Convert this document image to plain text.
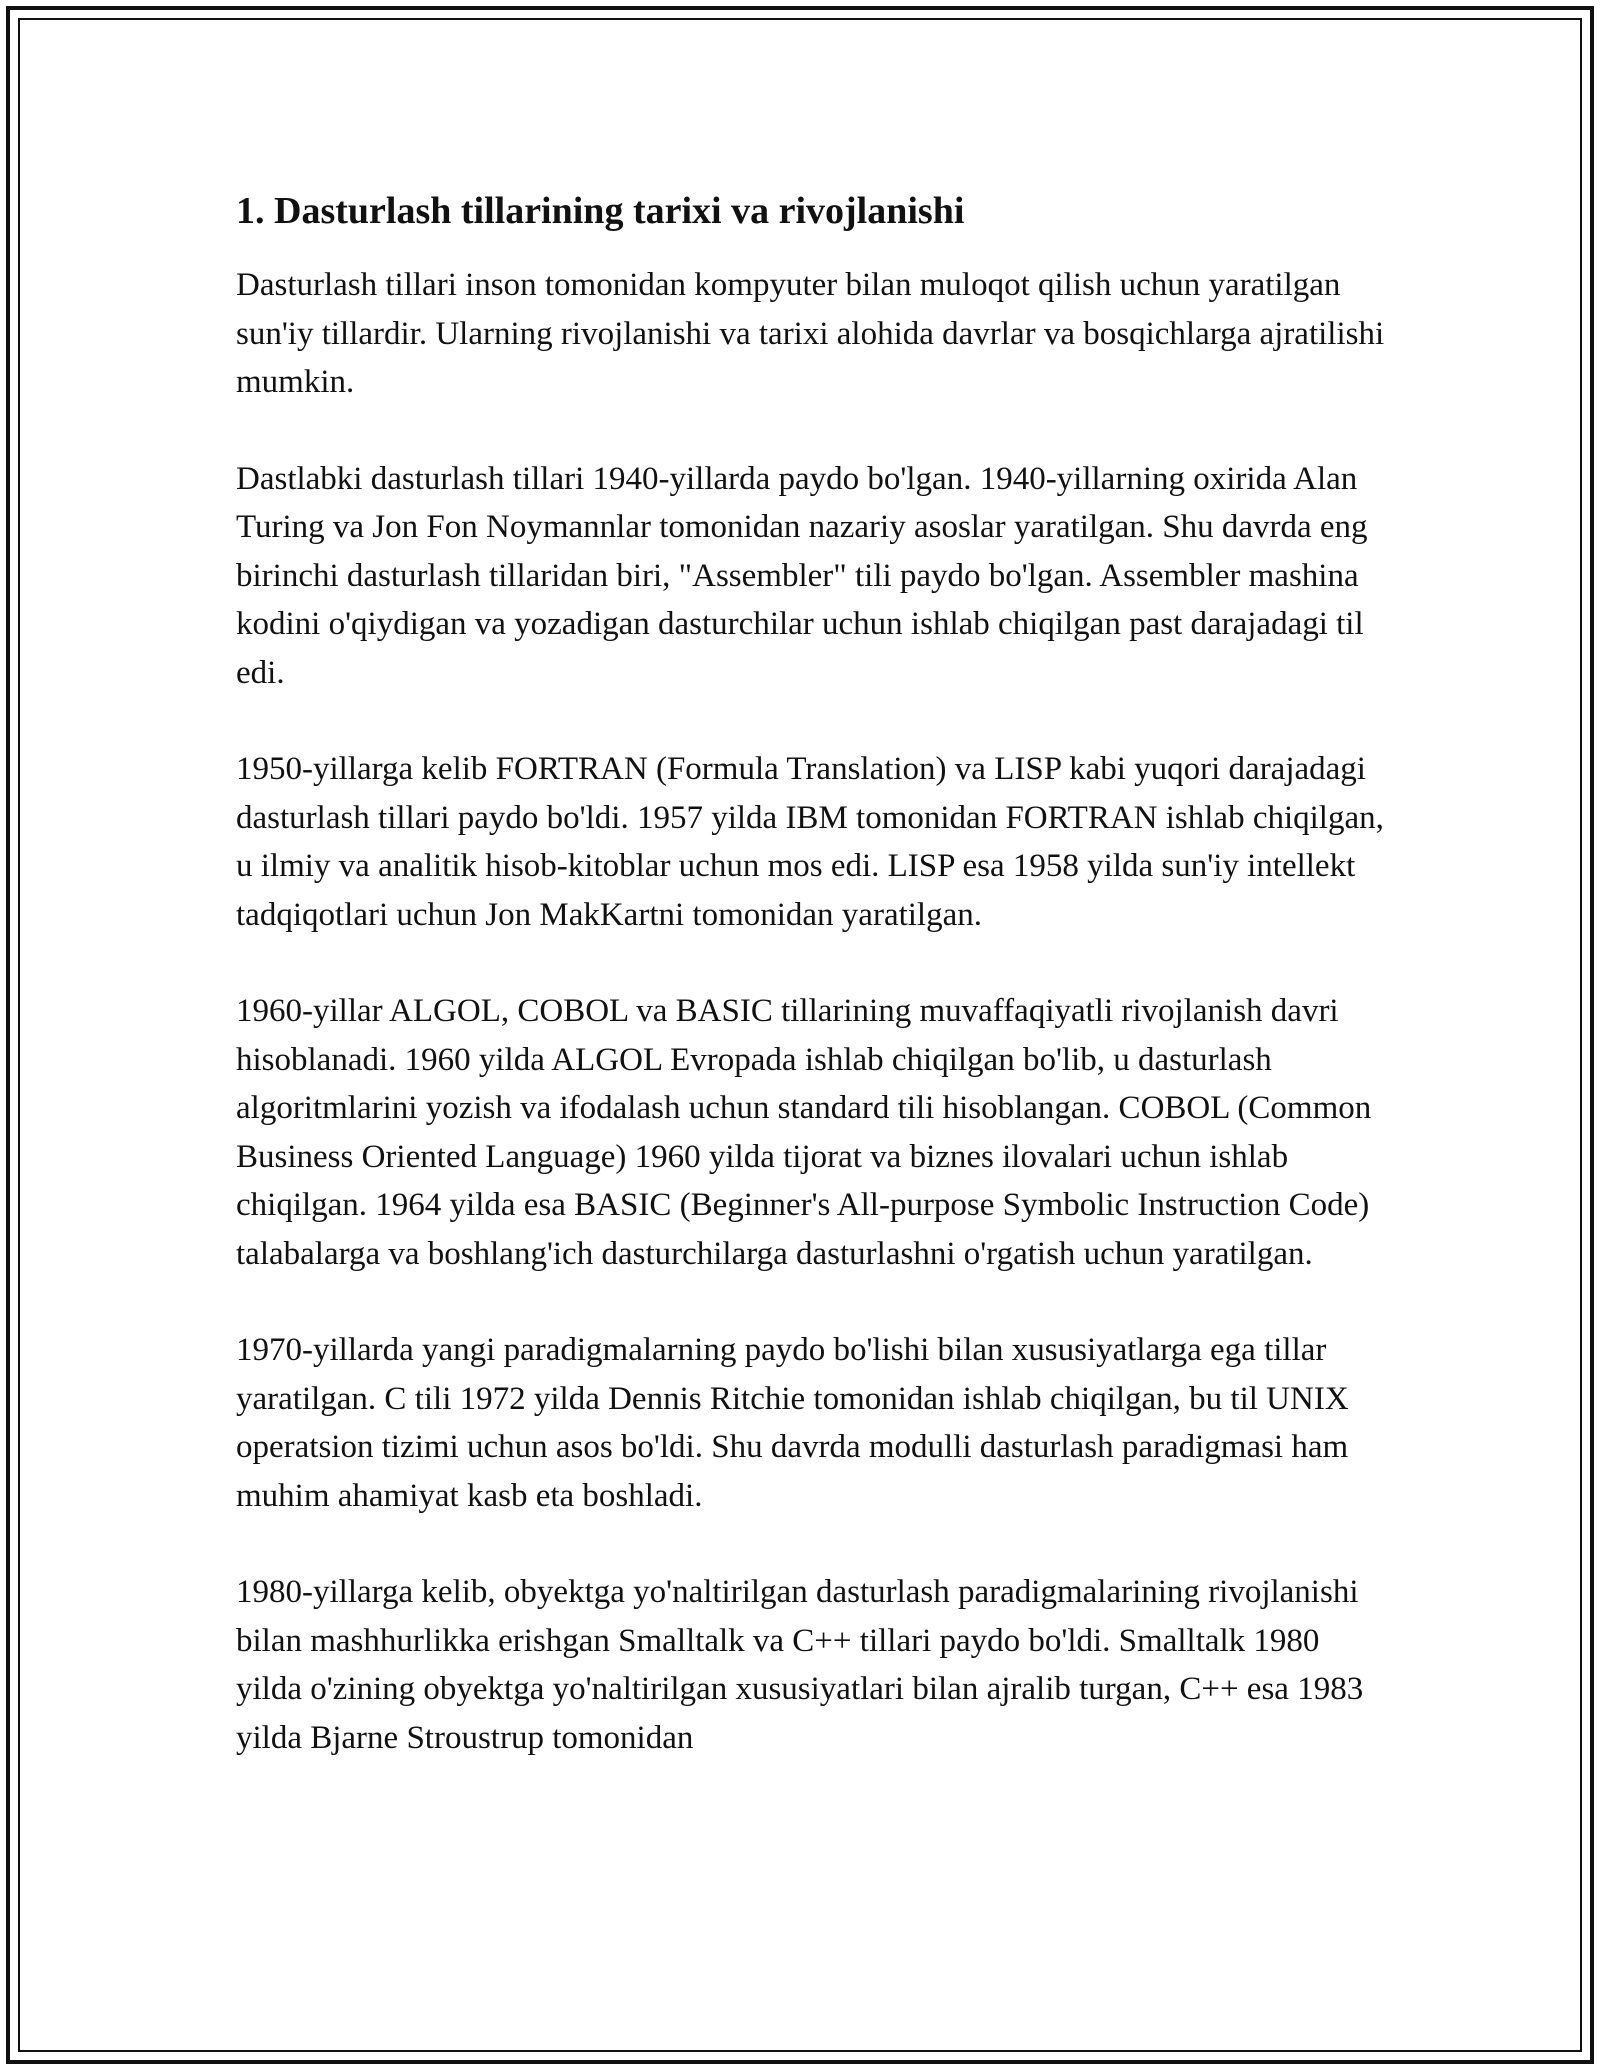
1. Dasturlash tillarining tarixi va rivojlanishi

Dasturlash tillari inson tomonidan kompyuter bilan muloqot qilish uchun yaratilgan sun'iy tillardir. Ularning rivojlanishi va tarixi alohida davrlar va bosqichlarga ajratilishi mumkin.

Dastlabki dasturlash tillari 1940-yillarda paydo bo'lgan. 1940-yillarning oxirida Alan Turing va Jon Fon Noymannlar tomonidan nazariy asoslar yaratilgan. Shu davrda eng birinchi dasturlash tillaridan biri, "Assembler" tili paydo bo'lgan. Assembler mashina kodini o'qiydigan va yozadigan dasturchilar uchun ishlab chiqilgan past darajadagi til edi.

1950-yillarga kelib FORTRAN (Formula Translation) va LISP kabi yuqori darajadagi dasturlash tillari paydo bo'ldi. 1957 yilda IBM tomonidan FORTRAN ishlab chiqilgan, u ilmiy va analitik hisob-kitoblar uchun mos edi. LISP esa 1958 yilda sun'iy intellekt tadqiqotlari uchun Jon MakKartni tomonidan yaratilgan.

1960-yillar ALGOL, COBOL va BASIC tillarining muvaffaqiyatli rivojlanish davri hisoblanadi. 1960 yilda ALGOL Evropada ishlab chiqilgan bo'lib, u dasturlash algoritmlarini yozish va ifodalash uchun standard tili hisoblangan. COBOL (Common Business Oriented Language) 1960 yilda tijorat va biznes ilovalari uchun ishlab chiqilgan. 1964 yilda esa BASIC (Beginner's All-purpose Symbolic Instruction Code) talabalarga va boshlang'ich dasturchilarga dasturlashni o'rgatish uchun yaratilgan.

1970-yillarda yangi paradigmalarning paydo bo'lishi bilan xususiyatlarga ega tillar yaratilgan. C tili 1972 yilda Dennis Ritchie tomonidan ishlab chiqilgan, bu til UNIX operatsion tizimi uchun asos bo'ldi. Shu davrda modulli dasturlash paradigmasi ham muhim ahamiyat kasb eta boshladi.

1980-yillarga kelib, obyektga yo'naltirilgan dasturlash paradigmalarining rivojlanishi bilan mashhurlikka erishgan Smalltalk va C++ tillari paydo bo'ldi. Smalltalk 1980 yilda o'zining obyektga yo'naltirilgan xususiyatlari bilan ajralib turgan, C++ esa 1983 yilda Bjarne Stroustrup tomonidan
